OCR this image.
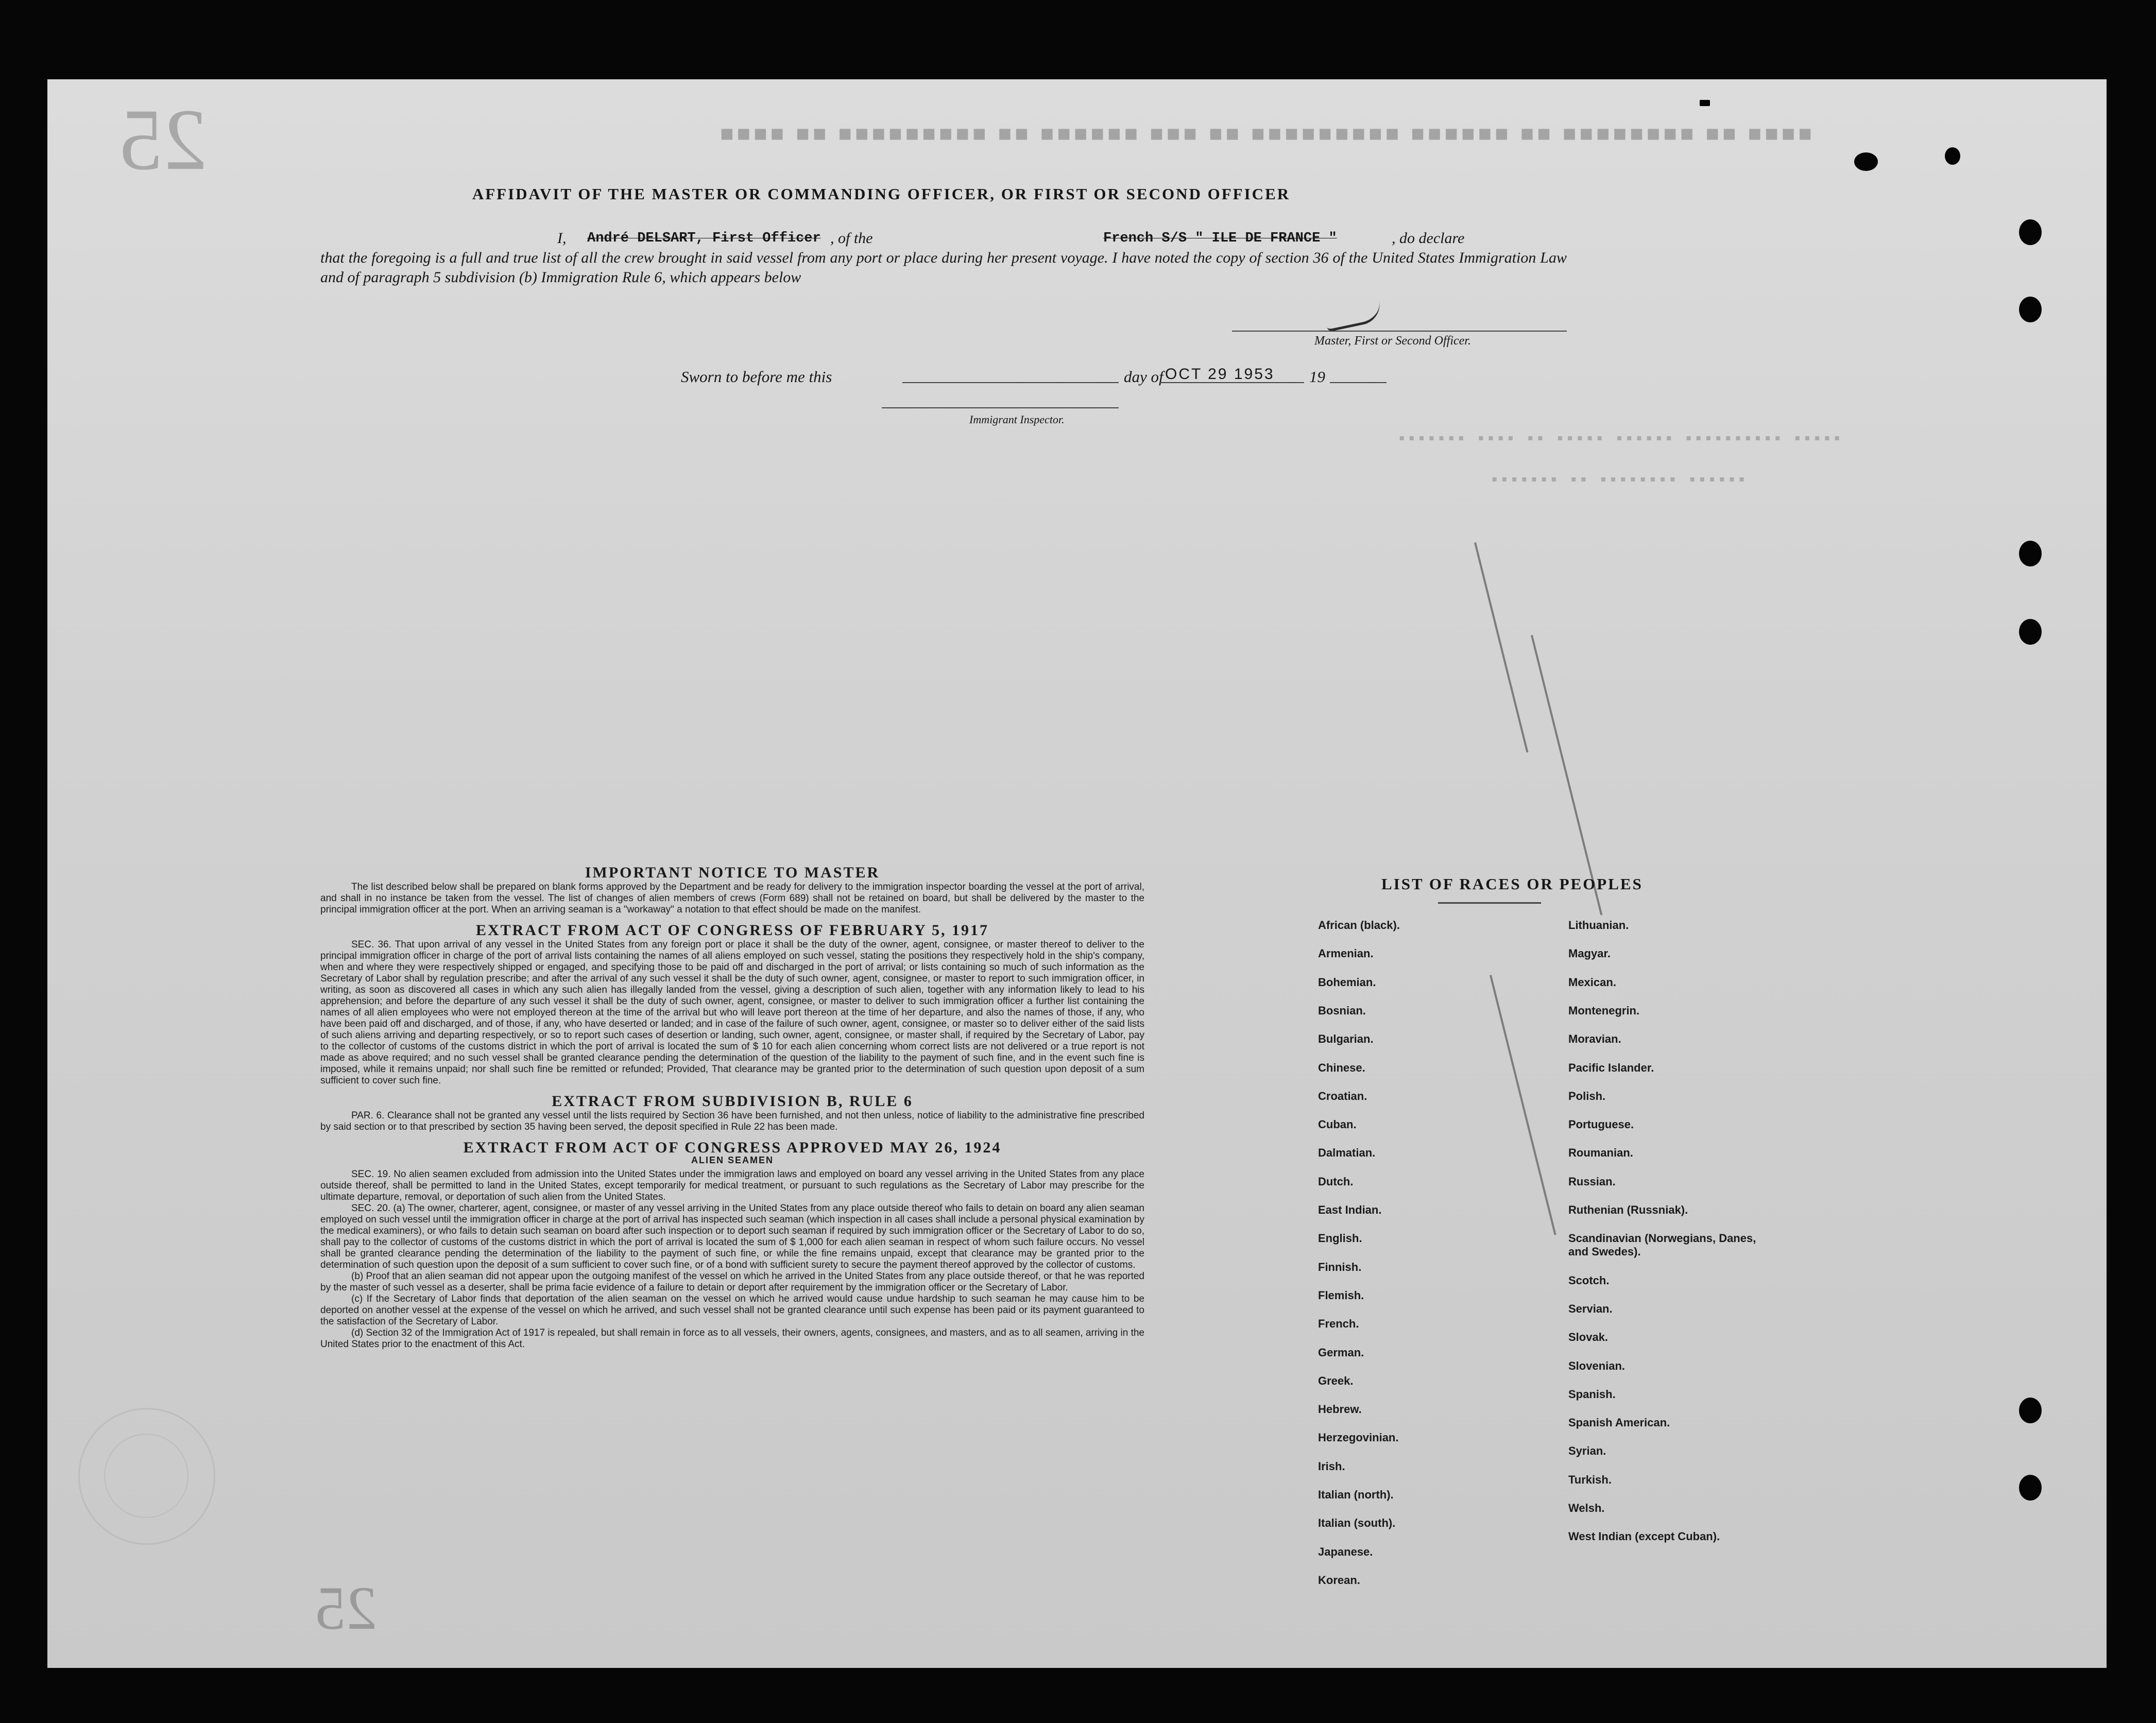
25
25
■■■■ ■■ ■■■■■■■■ ■■ ■■■■■■ ■■■■■■■■■ ■■ ■■■ ■■■■■■ ■■ ■■■■■■■■■ ■■ ■■■■
▪▪▪▪▪ ▪▪▪▪▪▪▪▪▪▪ ▪▪▪▪▪▪ ▪▪▪▪▪ ▪▪ ▪▪▪▪ ▪▪▪▪▪▪▪
▪▪▪▪▪▪ ▪▪▪▪▪▪▪▪ ▪▪ ▪▪▪▪▪▪▪
AFFIDAVIT OF THE MASTER OR COMMANDING OFFICER, OR FIRST OR SECOND OFFICER
I, André DELSART, First Officer , of the	French S/S " ILE DE FRANCE "	, do declare

that the foregoing is a full and true list of all the crew brought in said vessel from any port or place during her present voyage. I have noted the copy of section 36 of the United States Immigration Law and of paragraph 5 subdivision (b) Immigration Rule 6, which appears below

Master, First or Second Officer.
Sworn to before me this	day of OCT 29 1953 19
Immigrant Inspector.

IMPORTANT NOTICE TO MASTER

The list described below shall be prepared on blank forms approved by the Department and be ready for delivery to the immigration inspector boarding the vessel at the port of arrival, and shall in no instance be taken from the vessel. The list of changes of alien members of crews (Form 689) shall not be retained on board, but shall be delivered by the master to the principal immigration officer at the port. When an arriving seaman is a "workaway" a notation to that effect should be made on the manifest.

EXTRACT FROM ACT OF CONGRESS OF FEBRUARY 5, 1917

SEC. 36. That upon arrival of any vessel in the United States from any foreign port or place it shall be the duty of the owner, agent, consignee, or master thereof to deliver to the principal immigration officer in charge of the port of arrival lists containing the names of all aliens employed on such vessel, stating the positions they respectively hold in the ship's company, when and where they were respectively shipped or engaged, and specifying those to be paid off and discharged in the port of arrival; or lists containing so much of such information as the Secretary of Labor shall by regulation prescribe; and after the arrival of any such vessel it shall be the duty of such owner, agent, consignee, or master to report to such immigration officer, in writing, as soon as discovered all cases in which any such alien has illegally landed from the vessel, giving a description of such alien, together with any information likely to lead to his apprehension; and before the departure of any such vessel it shall be the duty of such owner, agent, consignee, or master to deliver to such immigration officer a further list containing the names of all alien employees who were not employed thereon at the time of the arrival but who will leave port thereon at the time of her departure, and also the names of those, if any, who have been paid off and discharged, and of those, if any, who have deserted or landed; and in case of the failure of such owner, agent, consignee, or master so to deliver either of the said lists of such aliens arriving and departing respectively, or so to report such cases of desertion or landing, such owner, agent, consignee, or master shall, if required by the Secretary of Labor, pay to the collector of customs of the customs district in which the port of arrival is located the sum of $ 10 for each alien concerning whom correct lists are not delivered or a true report is not made as above required; and no such vessel shall be granted clearance pending the determination of the question of the liability to the payment of such fine, and in the event such fine is imposed, while it remains unpaid; nor shall such fine be remitted or refunded; Provided, That clearance may be granted prior to the determination of such question upon deposit of a sum sufficient to cover such fine.

EXTRACT FROM SUBDIVISION B, RULE 6

PAR. 6. Clearance shall not be granted any vessel until the lists required by Section 36 have been furnished, and not then unless, notice of liability to the administrative fine prescribed by said section or to that prescribed by section 35 having been served, the deposit specified in Rule 22 has been made.

EXTRACT FROM ACT OF CONGRESS APPROVED MAY 26, 1924

ALIEN SEAMEN

SEC. 19. No alien seamen excluded from admission into the United States under the immigration laws and employed on board any vessel arriving in the United States from any place outside thereof, shall be permitted to land in the United States, except temporarily for medical treatment, or pursuant to such regulations as the Secretary of Labor may prescribe for the ultimate departure, removal, or deportation of such alien from the United States.

SEC. 20. (a) The owner, charterer, agent, consignee, or master of any vessel arriving in the United States from any place outside thereof who fails to detain on board any alien seaman employed on such vessel until the immigration officer in charge at the port of arrival has inspected such seaman (which inspection in all cases shall include a personal physical examination by the medical examiners), or who fails to detain such seaman on board after such inspection or to deport such seaman if required by such immigration officer or the Secretary of Labor to do so, shall pay to the collector of customs of the customs district in which the port of arrival is located the sum of $ 1,000 for each alien seaman in respect of whom such failure occurs. No vessel shall be granted clearance pending the determination of the liability to the payment of such fine, or while the fine remains unpaid, except that clearance may be granted prior to the determination of such question upon the deposit of a sum sufficient to cover such fine, or of a bond with sufficient surety to secure the payment thereof approved by the collector of customs.

(b) Proof that an alien seaman did not appear upon the outgoing manifest of the vessel on which he arrived in the United States from any place outside thereof, or that he was reported by the master of such vessel as a deserter, shall be prima facie evidence of a failure to detain or deport after requirement by the immigration officer or the Secretary of Labor.

(c) If the Secretary of Labor finds that deportation of the alien seaman on the vessel on which he arrived would cause undue hardship to such seaman he may cause him to be deported on another vessel at the expense of the vessel on which he arrived, and such vessel shall not be granted clearance until such expense has been paid or its payment guaranteed to the satisfaction of the Secretary of Labor.

(d) Section 32 of the Immigration Act of 1917 is repealed, but shall remain in force as to all vessels, their owners, agents, consignees, and masters, and as to all seamen, arriving in the United States prior to the enactment of this Act.

LIST OF RACES OR PEOPLES
African (black).
Armenian.
Bohemian.
Bosnian.
Bulgarian.
Chinese.
Croatian.
Cuban.
Dalmatian.
Dutch.
East Indian.
English.
Finnish.
Flemish.
French.
German.
Greek.
Hebrew.
Herzegovinian.
Irish.
Italian (north).
Italian (south).
Japanese.
Korean.
Lithuanian.
Magyar.
Mexican.
Montenegrin.
Moravian.
Pacific Islander.
Polish.
Portuguese.
Roumanian.
Russian.
Ruthenian (Russniak).
Scandinavian (Norwegians, Danes, and Swedes).
Scotch.
Servian.
Slovak.
Slovenian.
Spanish.
Spanish American.
Syrian.
Turkish.
Welsh.
West Indian (except Cuban).
